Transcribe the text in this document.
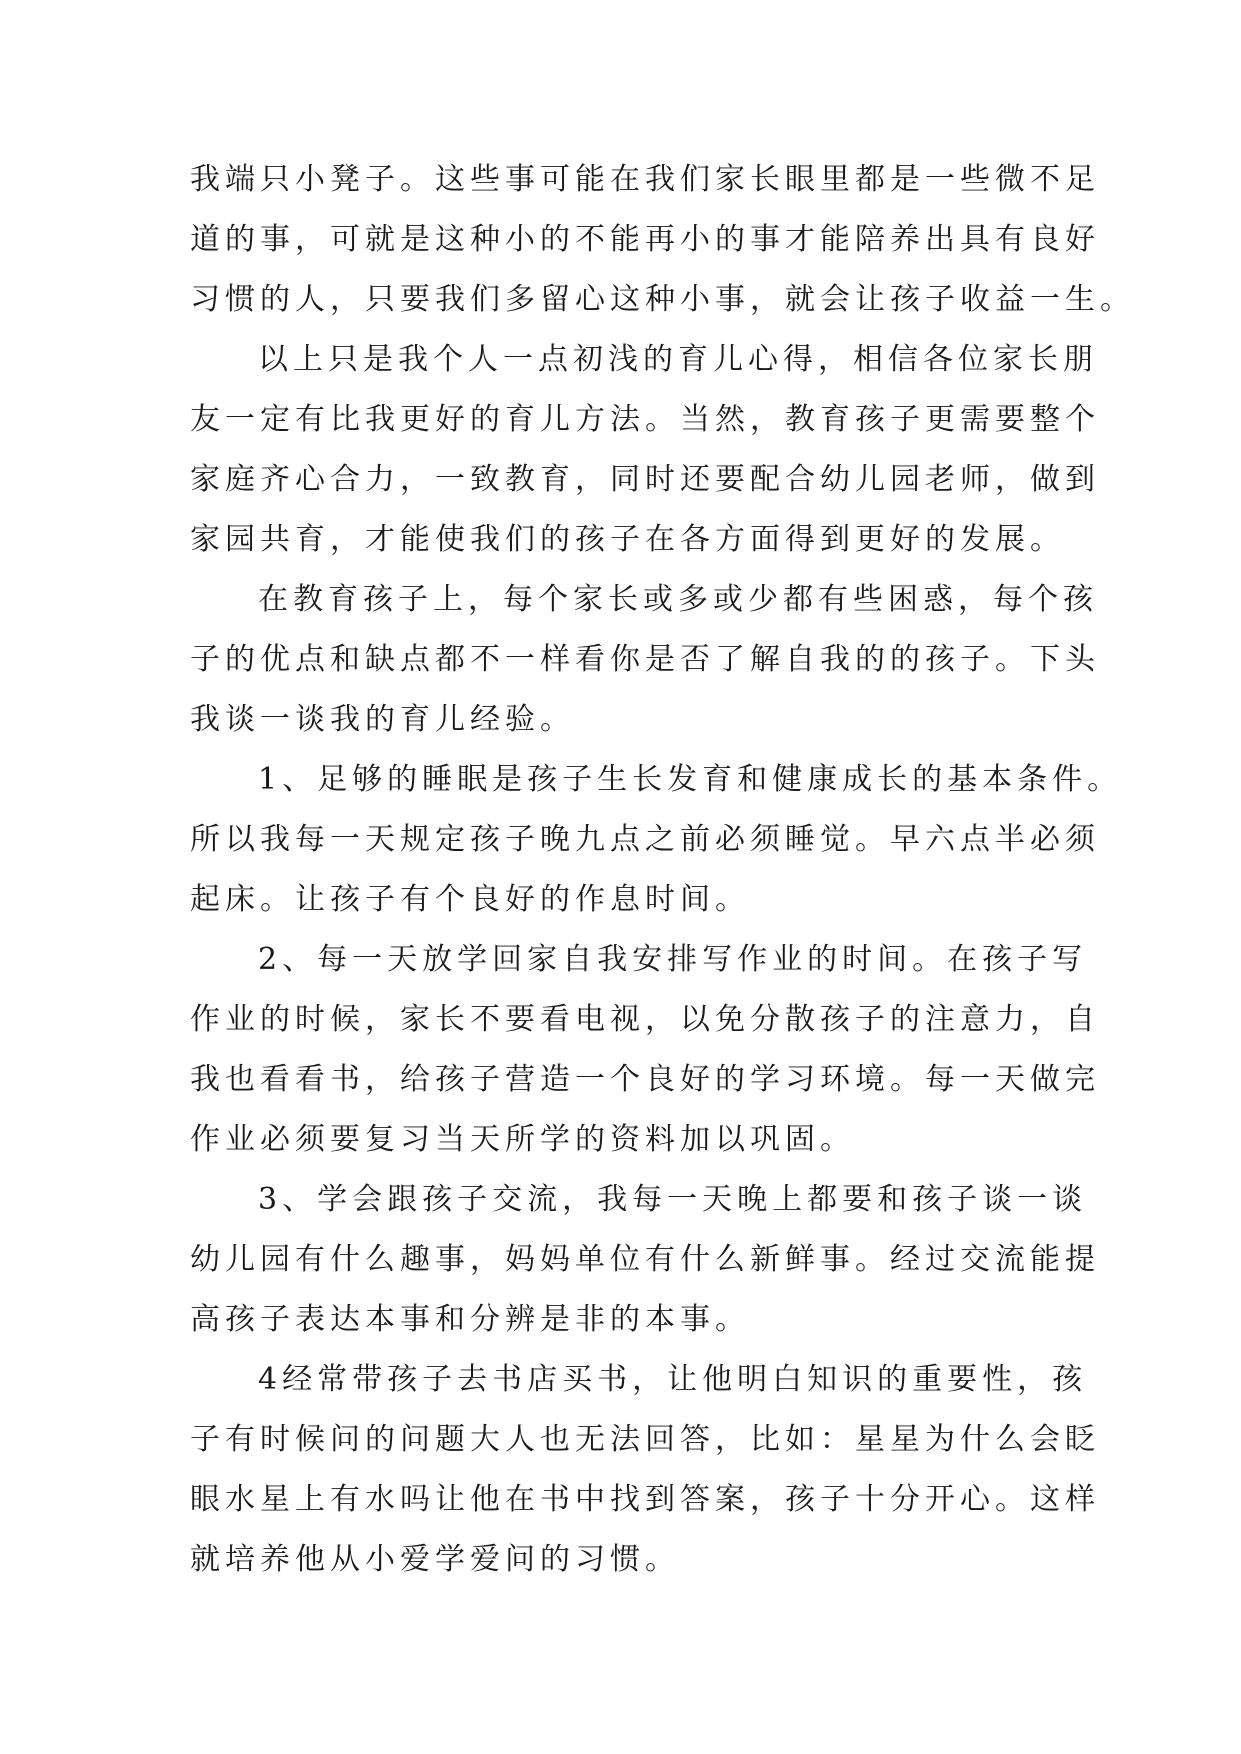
我端只小凳子。这些事可能在我们家长眼里都是一些微不足
道的事，可就是这种小的不能再小的事才能陪养出具有良好
习惯的人，只要我们多留心这种小事，就会让孩子收益一生。

以上只是我个人一点初浅的育儿心得，相信各位家长朋
友一定有比我更好的育儿方法。当然，教育孩子更需要整个
家庭齐心合力，一致教育，同时还要配合幼儿园老师，做到
家园共育，才能使我们的孩子在各方面得到更好的发展。

在教育孩子上，每个家长或多或少都有些困惑，每个孩
子的优点和缺点都不一样看你是否了解自我的的孩子。下头
我谈一谈我的育儿经验。

1、足够的睡眠是孩子生长发育和健康成长的基本条件。
所以我每一天规定孩子晚九点之前必须睡觉。早六点半必须
起床。让孩子有个良好的作息时间。

2、每一天放学回家自我安排写作业的时间。在孩子写
作业的时候，家长不要看电视，以免分散孩子的注意力，自
我也看看书，给孩子营造一个良好的学习环境。每一天做完
作业必须要复习当天所学的资料加以巩固。

3、学会跟孩子交流，我每一天晚上都要和孩子谈一谈
幼儿园有什么趣事，妈妈单位有什么新鲜事。经过交流能提
高孩子表达本事和分辨是非的本事。

4经常带孩子去书店买书，让他明白知识的重要性，孩
子有时候问的问题大人也无法回答，比如：星星为什么会眨
眼水星上有水吗让他在书中找到答案，孩子十分开心。这样
就培养他从小爱学爱问的习惯。
